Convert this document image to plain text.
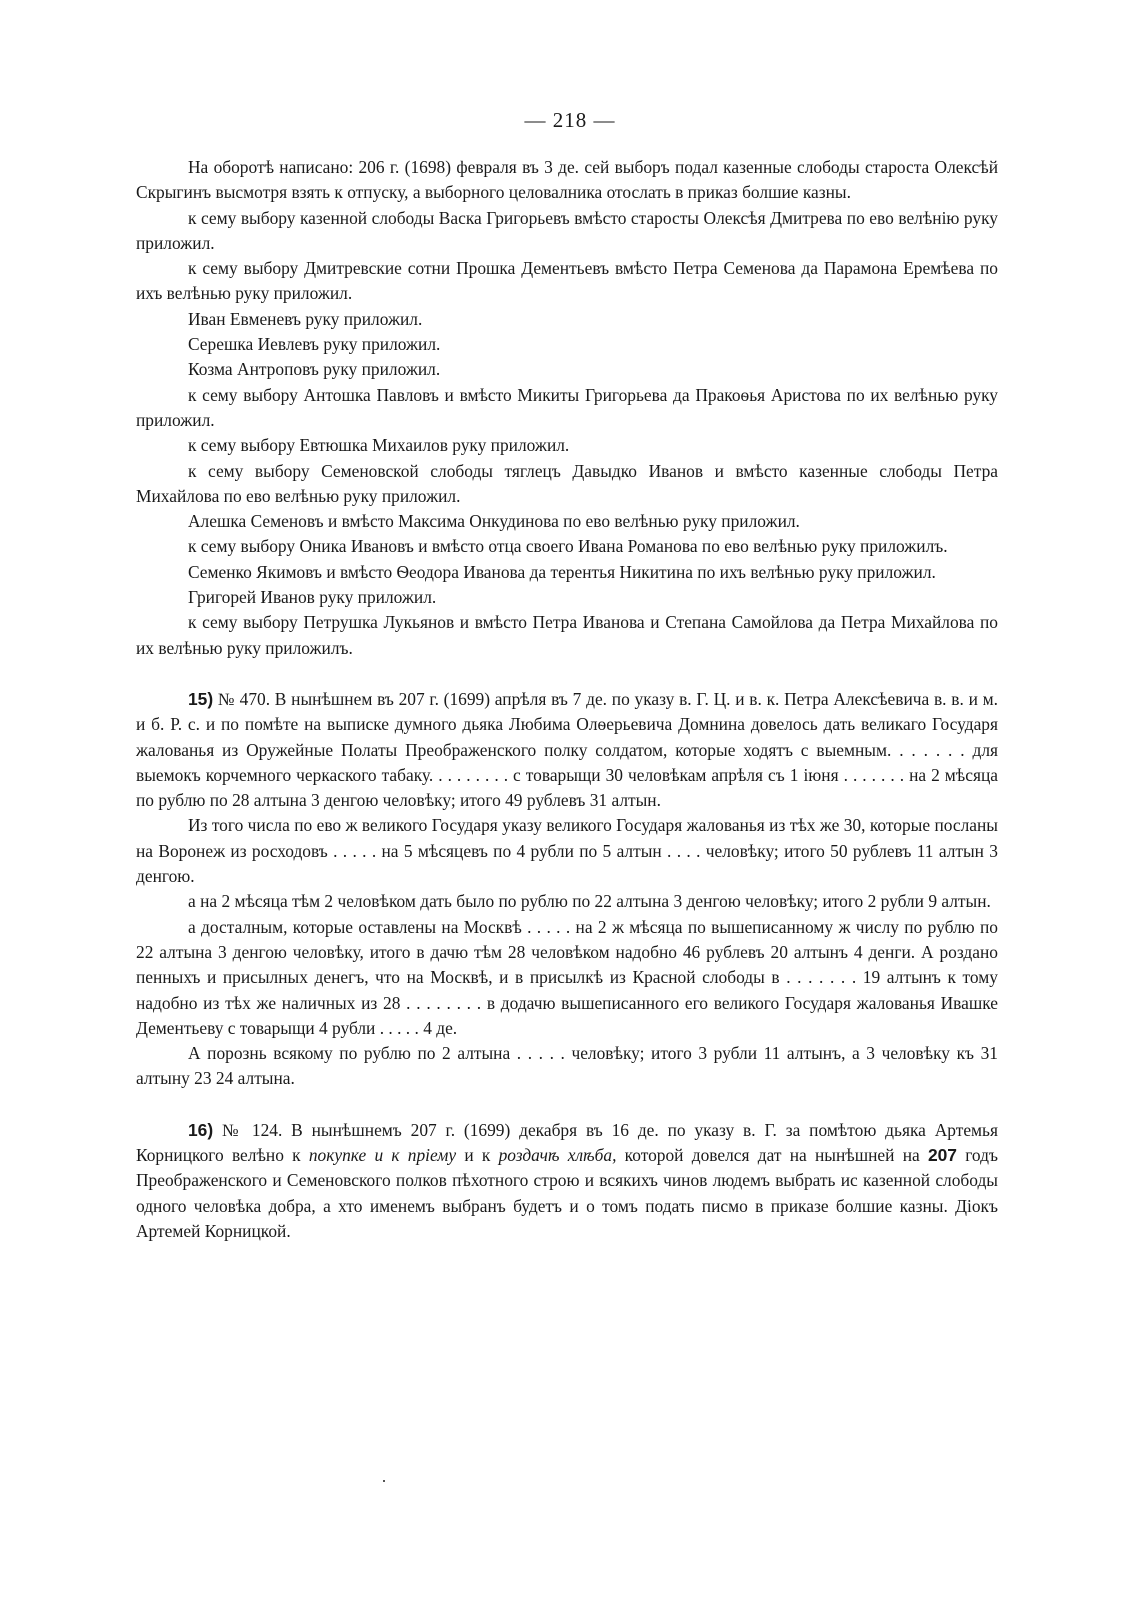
— 218 —

На оборотѣ написано: 206 г. (1698) февраля въ 3 де. сей выборъ подал казенные слободы староста Олексѣй Скрыгинъ высмотря взять к отпуску, а выборного целовалника отослать в приказ болшие казны.

к сему выбору казенной слободы Васка Григорьевъ вмѣсто старосты Олексѣя Дмитрева по ево велѣнію руку приложил.

к сему выбору Дмитревские сотни Прошка Дементьевъ вмѣсто Петра Семенова да Парамона Еремѣева по ихъ велѣнью руку приложил.

Иван Евменевъ руку приложил.

Серешка Иевлевъ руку приложил.

Козма Антроповъ руку приложил.

к сему выбору Антошка Павловъ и вмѣсто Микиты Григорьева да Пракоѳья Аристова по их велѣнью руку приложил.

к сему выбору Евтюшка Михаилов руку приложил.

к сему выбору Семеновской слободы тяглецъ Давыдко Иванов и вмѣсто казенные слободы Петра Михайлова по ево велѣнью руку приложил.

Алешка Семеновъ и вмѣсто Максима Онкудинова по ево велѣнью руку приложил.

к сему выбору Оника Ивановъ и вмѣсто отца своего Ивана Романова по ево велѣнью руку приложилъ.

Семенко Якимовъ и вмѣсто Ѳеодора Иванова да терентья Никитина по ихъ велѣнью руку приложил.

Григорей Иванов руку приложил.

к сему выбору Петрушка Лукьянов и вмѣсто Петра Иванова и Степана Самойлова да Петра Михайлова по их велѣнью руку приложилъ.

15) № 470. В нынѣшнем въ 207 г. (1699) апрѣля въ 7 де. по указу в. Г. Ц. и в. к. Петра Алексѣевича в. в. и м. и б. Р. с. и по помѣте на выписке думного дьяка Любима Олѳерьевича Домнина довелось дать великаго Государя жалованья из Оружейные Полаты Преображенского полку солдатом, которые ходятъ с выемным. . . . . . . для выемокъ корчемного черкаского табаку. . . . . . . . . с товарыщи 30 человѣкам апрѣля съ 1 іюня . . . . . . . на 2 мѣсяца по рублю по 28 алтына 3 денгою человѣку; итого 49 рублевъ 31 алтын.

Из того числа по ево ж великого Государя указу великого Государя жалованья из тѣх же 30, которые посланы на Воронеж из росходовъ . . . . . на 5 мѣсяцевъ по 4 рубли по 5 алтын . . . . человѣку; итого 50 рублевъ 11 алтын 3 денгою.

а на 2 мѣсяца тѣм 2 человѣком дать было по рублю по 22 алтына 3 денгою человѣку; итого 2 рубли 9 алтын.

а досталным, которые оставлены на Москвѣ . . . . . на 2 ж мѣсяца по вышеписанному ж числу по рублю по 22 алтына 3 денгою человѣку, итого в дачю тѣм 28 человѣком надобно 46 рублевъ 20 алтынъ 4 денги. А роздано пенныхъ и присылных денегъ, что на Москвѣ, и в присылкѣ из Красной слободы в . . . . . . . 19 алтынъ к тому надобно из тѣх же наличных из 28 . . . . . . . . в додачю вышеписанного его великого Государя жалованья Ивашке Дементьеву с товарыщи 4 рубли . . . . . 4 де.

А порознь всякому по рублю по 2 алтына . . . . . человѣку; итого 3 рубли 11 алтынъ, а 3 человѣку къ 31 алтыну 23 24 алтына.

16) № 124. В нынѣшнемъ 207 г. (1699) декабря въ 16 де. по указу в. Г. за помѣтою дьяка Артемья Корницкого велѣно к покупке и к пріему и к роздачѣ хлѣба, которой довелся дат на нынѣшней на 207 годъ Преображенского и Семеновского полков пѣхотного строю и всякихъ чинов людемъ выбрать ис казенной слободы одного человѣка добра, а хто именемъ выбранъ будетъ и о томъ подать писмо в приказе болшие казны. Діокъ Артемей Корницкой.
